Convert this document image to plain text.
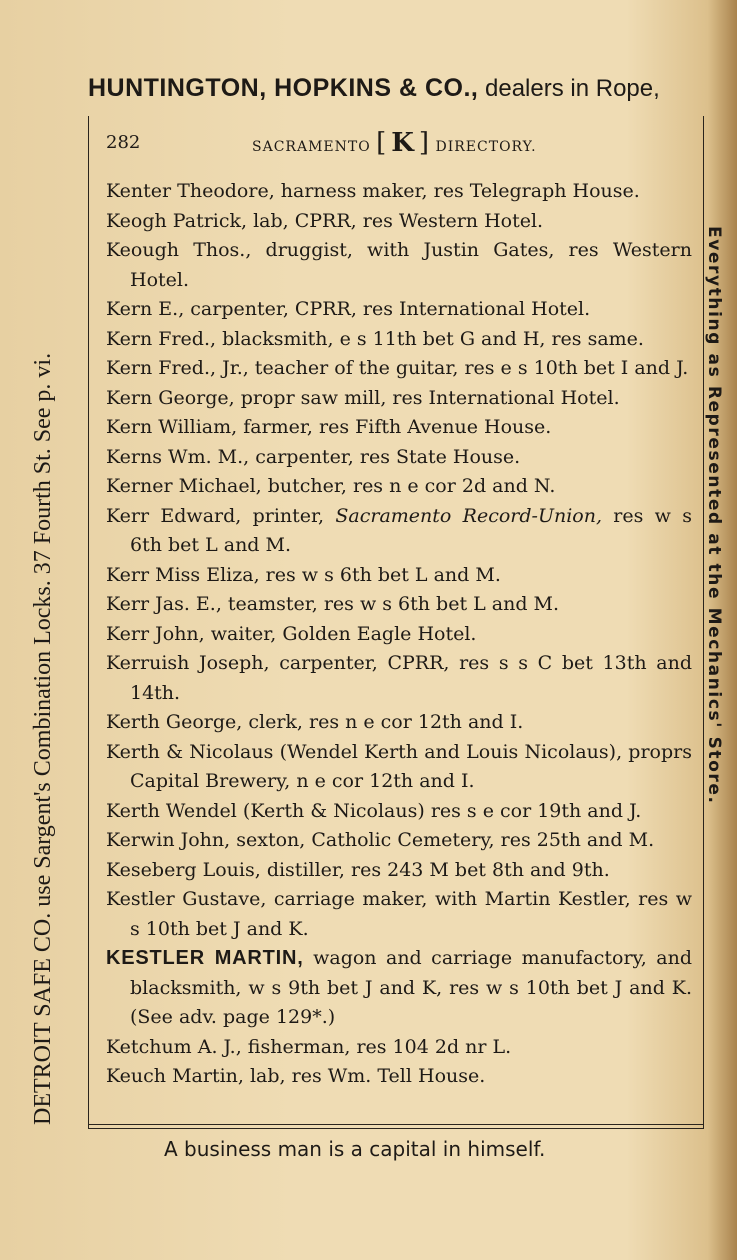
HUNTINGTON, HOPKINS & CO., dealers in Rope,
DETROIT SAFE CO. use Sargent's Combination Locks. 37 Fourth St. See p. vi.	Everything as Represented at the Mechanics' Store.
282	SACRAMENTO [ K ] DIRECTORY.
Kenter Theodore, harness maker, res Telegraph House.
Keogh Patrick, lab, CPRR, res Western Hotel.
Keough Thos., druggist, with Justin Gates, res Western Hotel.
Kern E., carpenter, CPRR, res International Hotel.
Kern Fred., blacksmith, e s 11th bet G and H, res same.
Kern Fred., Jr., teacher of the guitar, res e s 10th bet I and J.
Kern George, propr saw mill, res International Hotel.
Kern William, farmer, res Fifth Avenue House.
Kerns Wm. M., carpenter, res State House.
Kerner Michael, butcher, res n e cor 2d and N.
Kerr Edward, printer, Sacramento Record-Union, res w s 6th bet L and M.
Kerr Miss Eliza, res w s 6th bet L and M.
Kerr Jas. E., teamster, res w s 6th bet L and M.
Kerr John, waiter, Golden Eagle Hotel.
Kerruish Joseph, carpenter, CPRR, res s s C bet 13th and 14th.
Kerth George, clerk, res n e cor 12th and I.
Kerth & Nicolaus (Wendel Kerth and Louis Nicolaus), proprs Capital Brewery, n e cor 12th and I.
Kerth Wendel (Kerth & Nicolaus) res s e cor 19th and J.
Kerwin John, sexton, Catholic Cemetery, res 25th and M.
Keseberg Louis, distiller, res 243 M bet 8th and 9th.
Kestler Gustave, carriage maker, with Martin Kestler, res w s 10th bet J and K.
KESTLER MARTIN, wagon and carriage manufactory, and blacksmith, w s 9th bet J and K, res w s 10th bet J and K. (See adv. page 129*.)
Ketchum A. J., fisherman, res 104 2d nr L.
Keuch Martin, lab, res Wm. Tell House.
A business man is a capital in himself.
